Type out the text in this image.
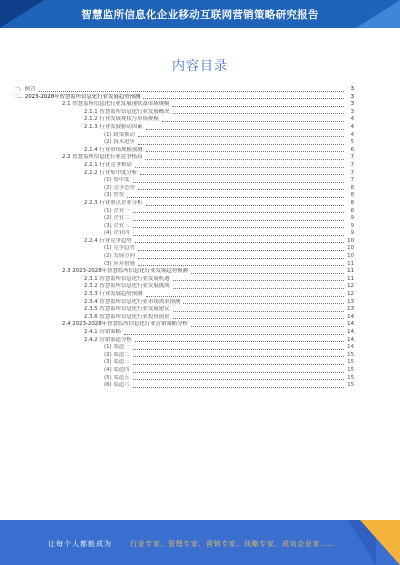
智慧监所信息化企业移动互联网营销策略研究报告
内容目录
一、前言	3
二、2023-2028年智慧监所信息化行业发展趋势预测	3
2.1 智慧监所信息化行业发展现状及市场规模	3
2.1.1 智慧监所信息化行业发展概况	3
2.1.2 行业发展现状与市场规模	4
2.1.3 行业发展驱动因素	4
(1) 政策推动	4
(2) 技术进步	5
2.1.4 行业市场规模预测	6
2.2 智慧监所信息化行业竞争格局	7
2.2.1 行业竞争格局	7
2.2.2 行业集中度分析	7
(1) 集中度	7
(2) 竞争态势	8
(3) 壁垒	8
2.2.3 行业重点企业分析	8
(1) 企业一	8
(2) 企业二	9
(3) 企业三	9
(4) 企业四	9
2.2.4 行业竞争趋势	10
(1) 竞争趋势	10
(2) 发展方向	10
(3) 应对措施	11
2.3 2023-2028年智慧监所信息化行业发展趋势预测	11
2.3.1 智慧监所信息化行业发展机遇	11
2.3.2 智慧监所信息化行业发展挑战	12
2.3.3 行业发展趋势预测	12
2.3.4 智慧监所信息化行业市场需求预测	13
2.3.5 智慧监所信息化行业发展建议	13
2.3.6 智慧监所信息化行业投资前景	14
2.4 2023-2028年智慧监所信息化行业营销策略分析	14
2.4.1 营销策略	14
2.4.2 营销渠道分析	14
(1) 渠道一	14
(2) 渠道二	15
(3) 渠道三	15
(4) 渠道四	15
(5) 渠道五	15
(6) 渠道六	15
让每个人都能成为	行业专家、管理专家、营销专家、战略专家、成功企业家……
